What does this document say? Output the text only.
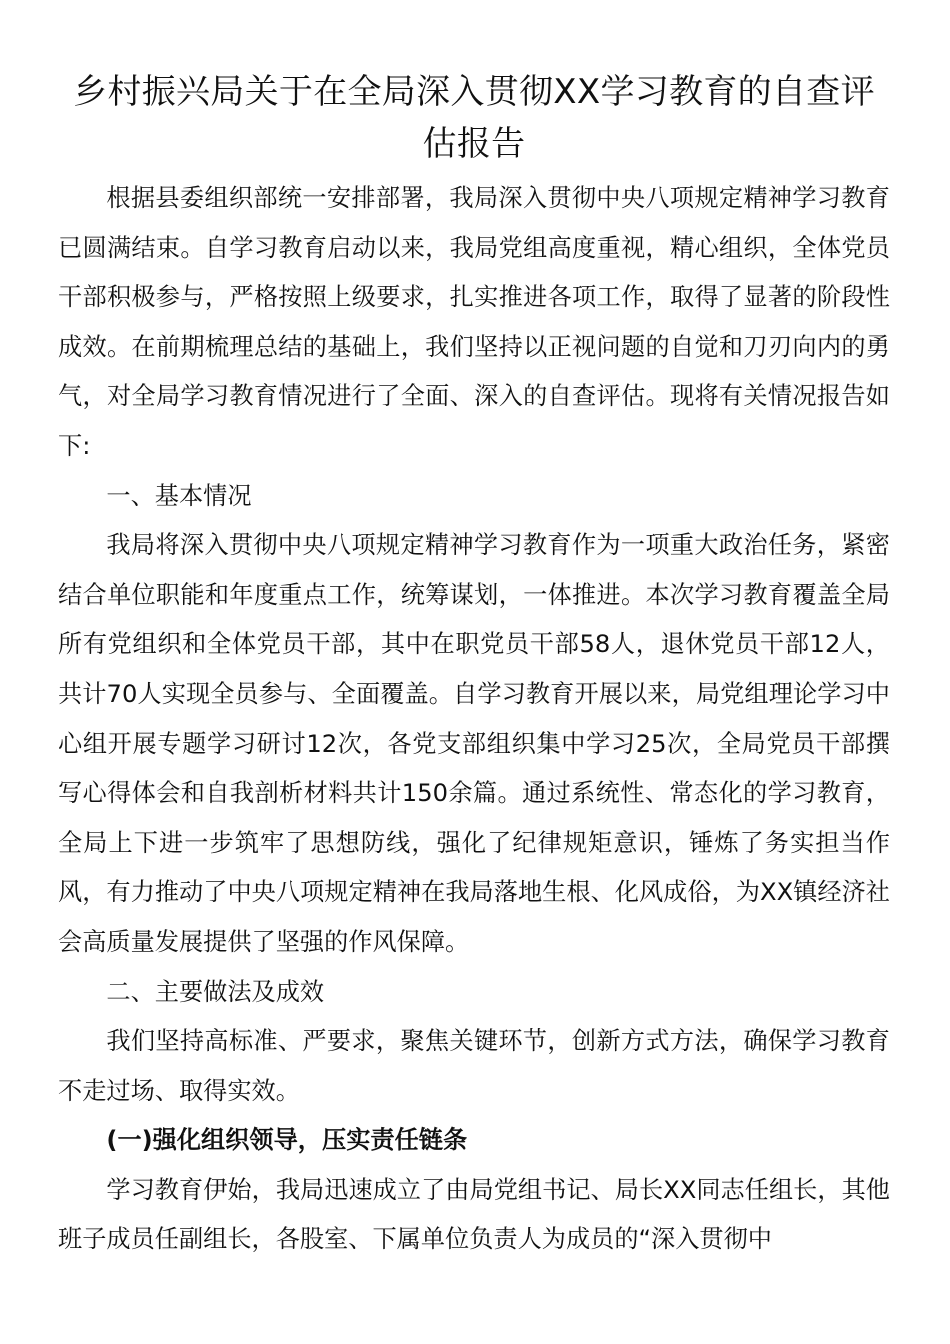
乡村振兴局关于在全局深入贯彻XX学习教育的自查评估报告

根据县委组织部统一安排部署，我局深入贯彻中央八项规定精神学习教育已圆满结束。自学习教育启动以来，我局党组高度重视，精心组织，全体党员干部积极参与，严格按照上级要求，扎实推进各项工作，取得了显著的阶段性成效。在前期梳理总结的基础上，我们坚持以正视问题的自觉和刀刃向内的勇气，对全局学习教育情况进行了全面、深入的自查评估。现将有关情况报告如下:

一、基本情况

我局将深入贯彻中央八项规定精神学习教育作为一项重大政治任务，紧密结合单位职能和年度重点工作，统筹谋划，一体推进。本次学习教育覆盖全局所有党组织和全体党员干部，其中在职党员干部58人，退休党员干部12人，共计70人实现全员参与、全面覆盖。自学习教育开展以来，局党组理论学习中心组开展专题学习研讨12次，各党支部组织集中学习25次，全局党员干部撰写心得体会和自我剖析材料共计150余篇。通过系统性、常态化的学习教育，全局上下进一步筑牢了思想防线，强化了纪律规矩意识，锤炼了务实担当作风，有力推动了中央八项规定精神在我局落地生根、化风成俗，为XX镇经济社会高质量发展提供了坚强的作风保障。

二、主要做法及成效

我们坚持高标准、严要求，聚焦关键环节，创新方式方法，确保学习教育不走过场、取得实效。

(一)强化组织领导，压实责任链条

学习教育伊始，我局迅速成立了由局党组书记、局长XX同志任组长，其他班子成员任副组长，各股室、下属单位负责人为成员的“深入贯彻中
